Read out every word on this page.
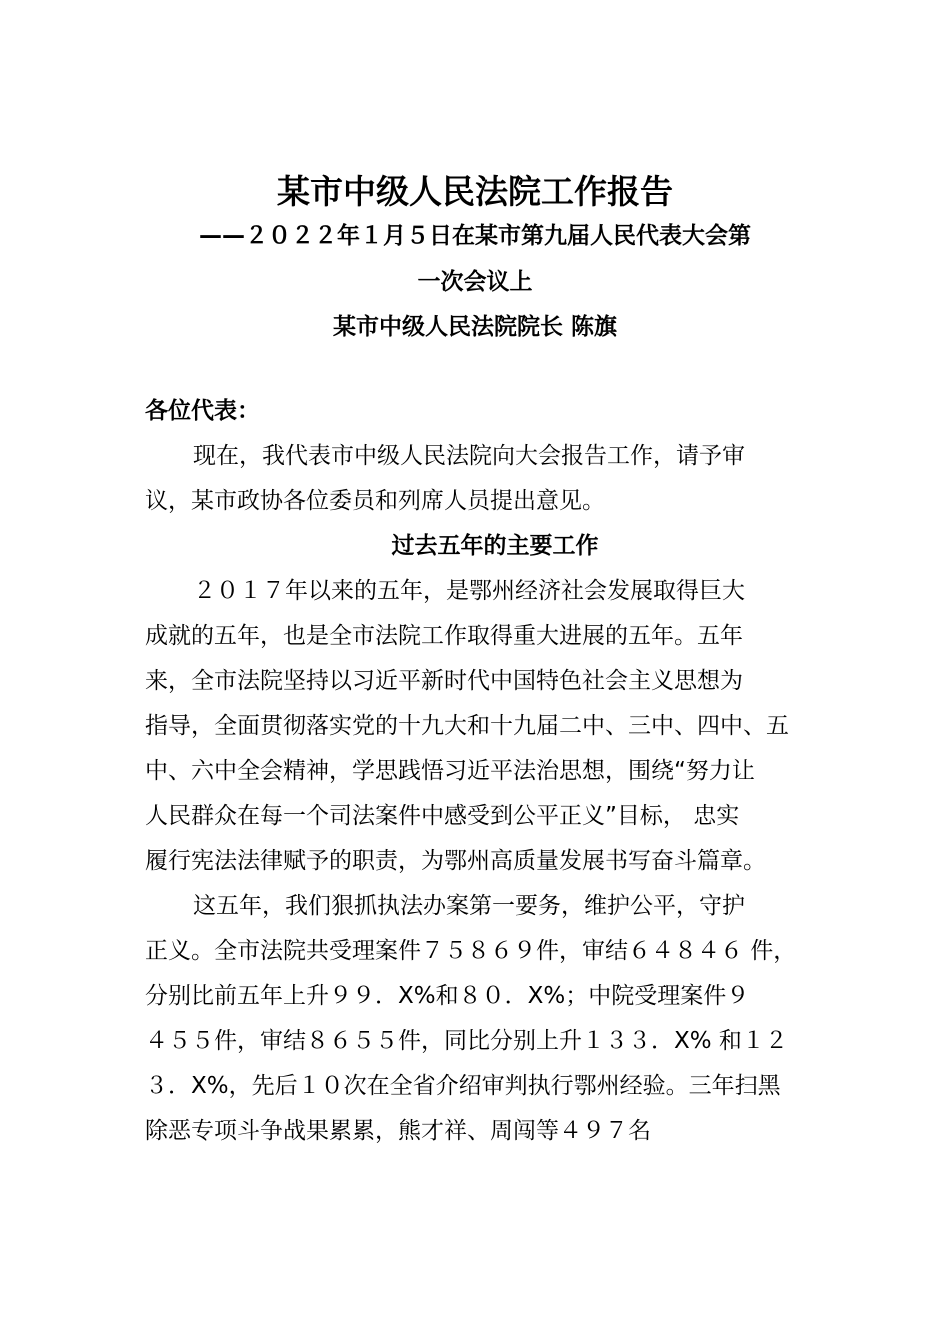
某市中级人民法院工作报告
——２０２２年１月５日在某市第九届人民代表大会第
一次会议上
某市中级人民法院院长 陈旗
各位代表：
现在，我代表市中级人民法院向大会报告工作，请予审
议，某市政协各位委员和列席人员提出意见。
过去五年的主要工作
２０１７年以来的五年，是鄂州经济社会发展取得巨大
成就的五年，也是全市法院工作取得重大进展的五年。五年
来，全市法院坚持以习近平新时代中国特色社会主义思想为
指导，全面贯彻落实党的十九大和十九届二中、三中、四中、五
中、六中全会精神，学思践悟习近平法治思想，围绕“努力让
人民群众在每一个司法案件中感受到公平正义”目标， 忠实
履行宪法法律赋予的职责，为鄂州高质量发展书写奋斗篇章。
这五年，我们狠抓执法办案第一要务，维护公平，守护
正义。全市法院共受理案件７５８６９件，审结６４８４６ 件，
分别比前五年上升９９．X%和８０．X%；中院受理案件９
４５５件，审结８６５５件，同比分别上升１３３．X% 和１２
３．X%，先后１０次在全省介绍审判执行鄂州经验。三年扫黑
除恶专项斗争战果累累，熊才祥、周闯等４９７名
